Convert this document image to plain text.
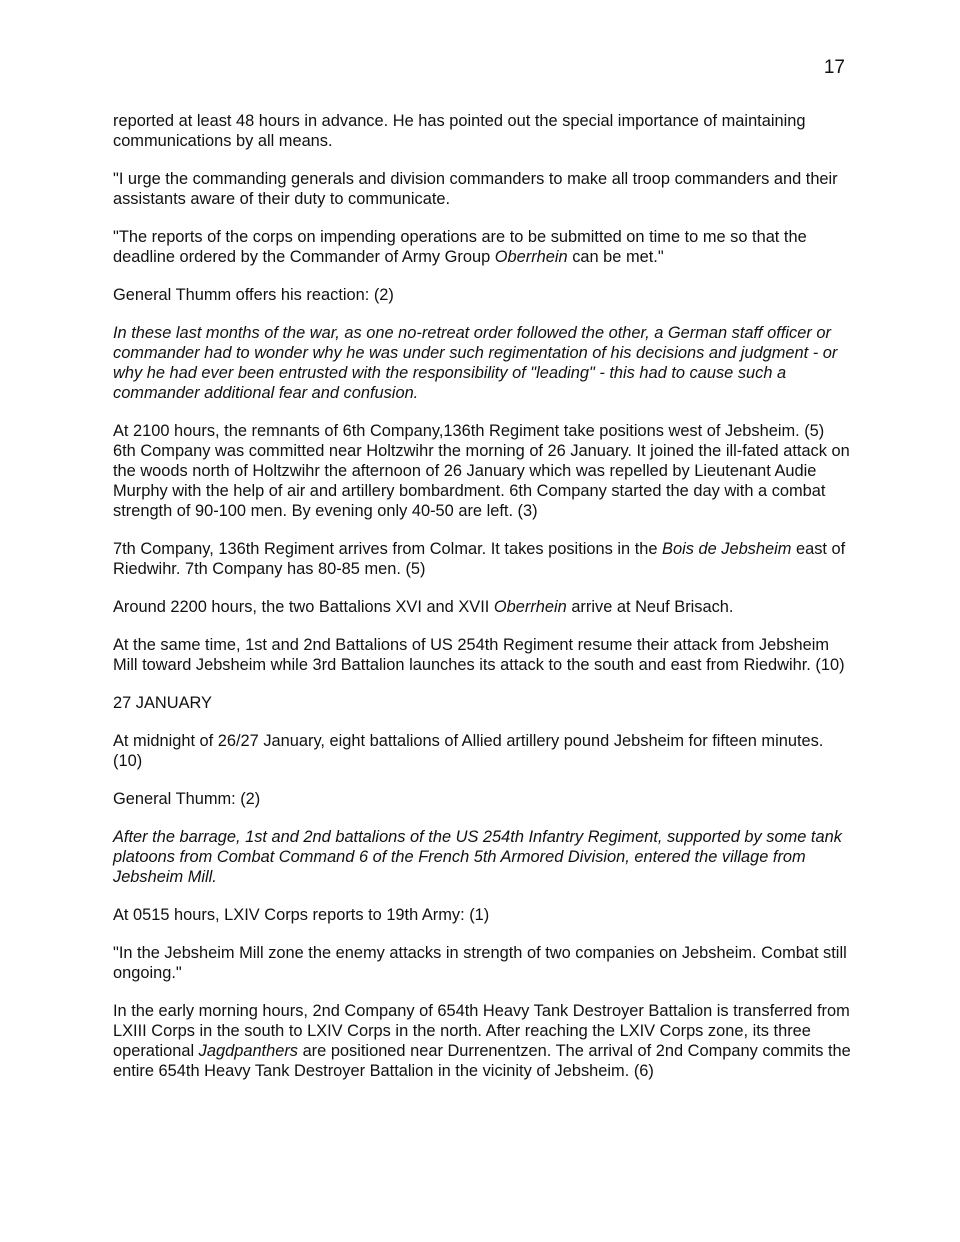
17

reported at least 48 hours in advance. He has pointed out the special importance of maintaining communications by all means.

"I urge the commanding generals and division commanders to make all troop commanders and their assistants aware of their duty to communicate.

"The reports of the corps on impending operations are to be submitted on time to me so that the deadline ordered by the Commander of Army Group Oberrhein can be met."

General Thumm offers his reaction: (2)

In these last months of the war, as one no-retreat order followed the other, a German staff officer or commander had to wonder why he was under such regimentation of his decisions and judgment - or why he had ever been entrusted with the responsibility of "leading" - this had to cause such a commander additional fear and confusion.

At 2100 hours, the remnants of 6th Company,136th Regiment take positions west of Jebsheim. (5) 6th Company was committed near Holtzwihr the morning of 26 January. It joined the ill-fated attack on the woods north of Holtzwihr the afternoon of 26 January which was repelled by Lieutenant Audie Murphy with the help of air and artillery bombardment. 6th Company started the day with a combat strength of 90-100 men. By evening only 40-50 are left. (3)

7th Company, 136th Regiment arrives from Colmar. It takes positions in the Bois de Jebsheim east of Riedwihr. 7th Company has 80-85 men. (5)

Around 2200 hours, the two Battalions XVI and XVII Oberrhein arrive at Neuf Brisach.

At the same time, 1st and 2nd Battalions of US 254th Regiment resume their attack from Jebsheim Mill toward Jebsheim while 3rd Battalion launches its attack to the south and east from Riedwihr. (10)

27 JANUARY

At midnight of 26/27 January, eight battalions of Allied artillery pound Jebsheim for fifteen minutes. (10)

General Thumm: (2)

After the barrage, 1st and 2nd battalions of the US 254th Infantry Regiment, supported by some tank platoons from Combat Command 6 of the French 5th Armored Division, entered the village from Jebsheim Mill.

At 0515 hours, LXIV Corps reports to 19th Army: (1)

"In the Jebsheim Mill zone the enemy attacks in strength of two companies on Jebsheim. Combat still ongoing."

In the early morning hours, 2nd Company of 654th Heavy Tank Destroyer Battalion is transferred from LXIII Corps in the south to LXIV Corps in the north. After reaching the LXIV Corps zone, its three operational Jagdpanthers are positioned near Durrenentzen. The arrival of 2nd Company commits the entire 654th Heavy Tank Destroyer Battalion in the vicinity of Jebsheim. (6)
